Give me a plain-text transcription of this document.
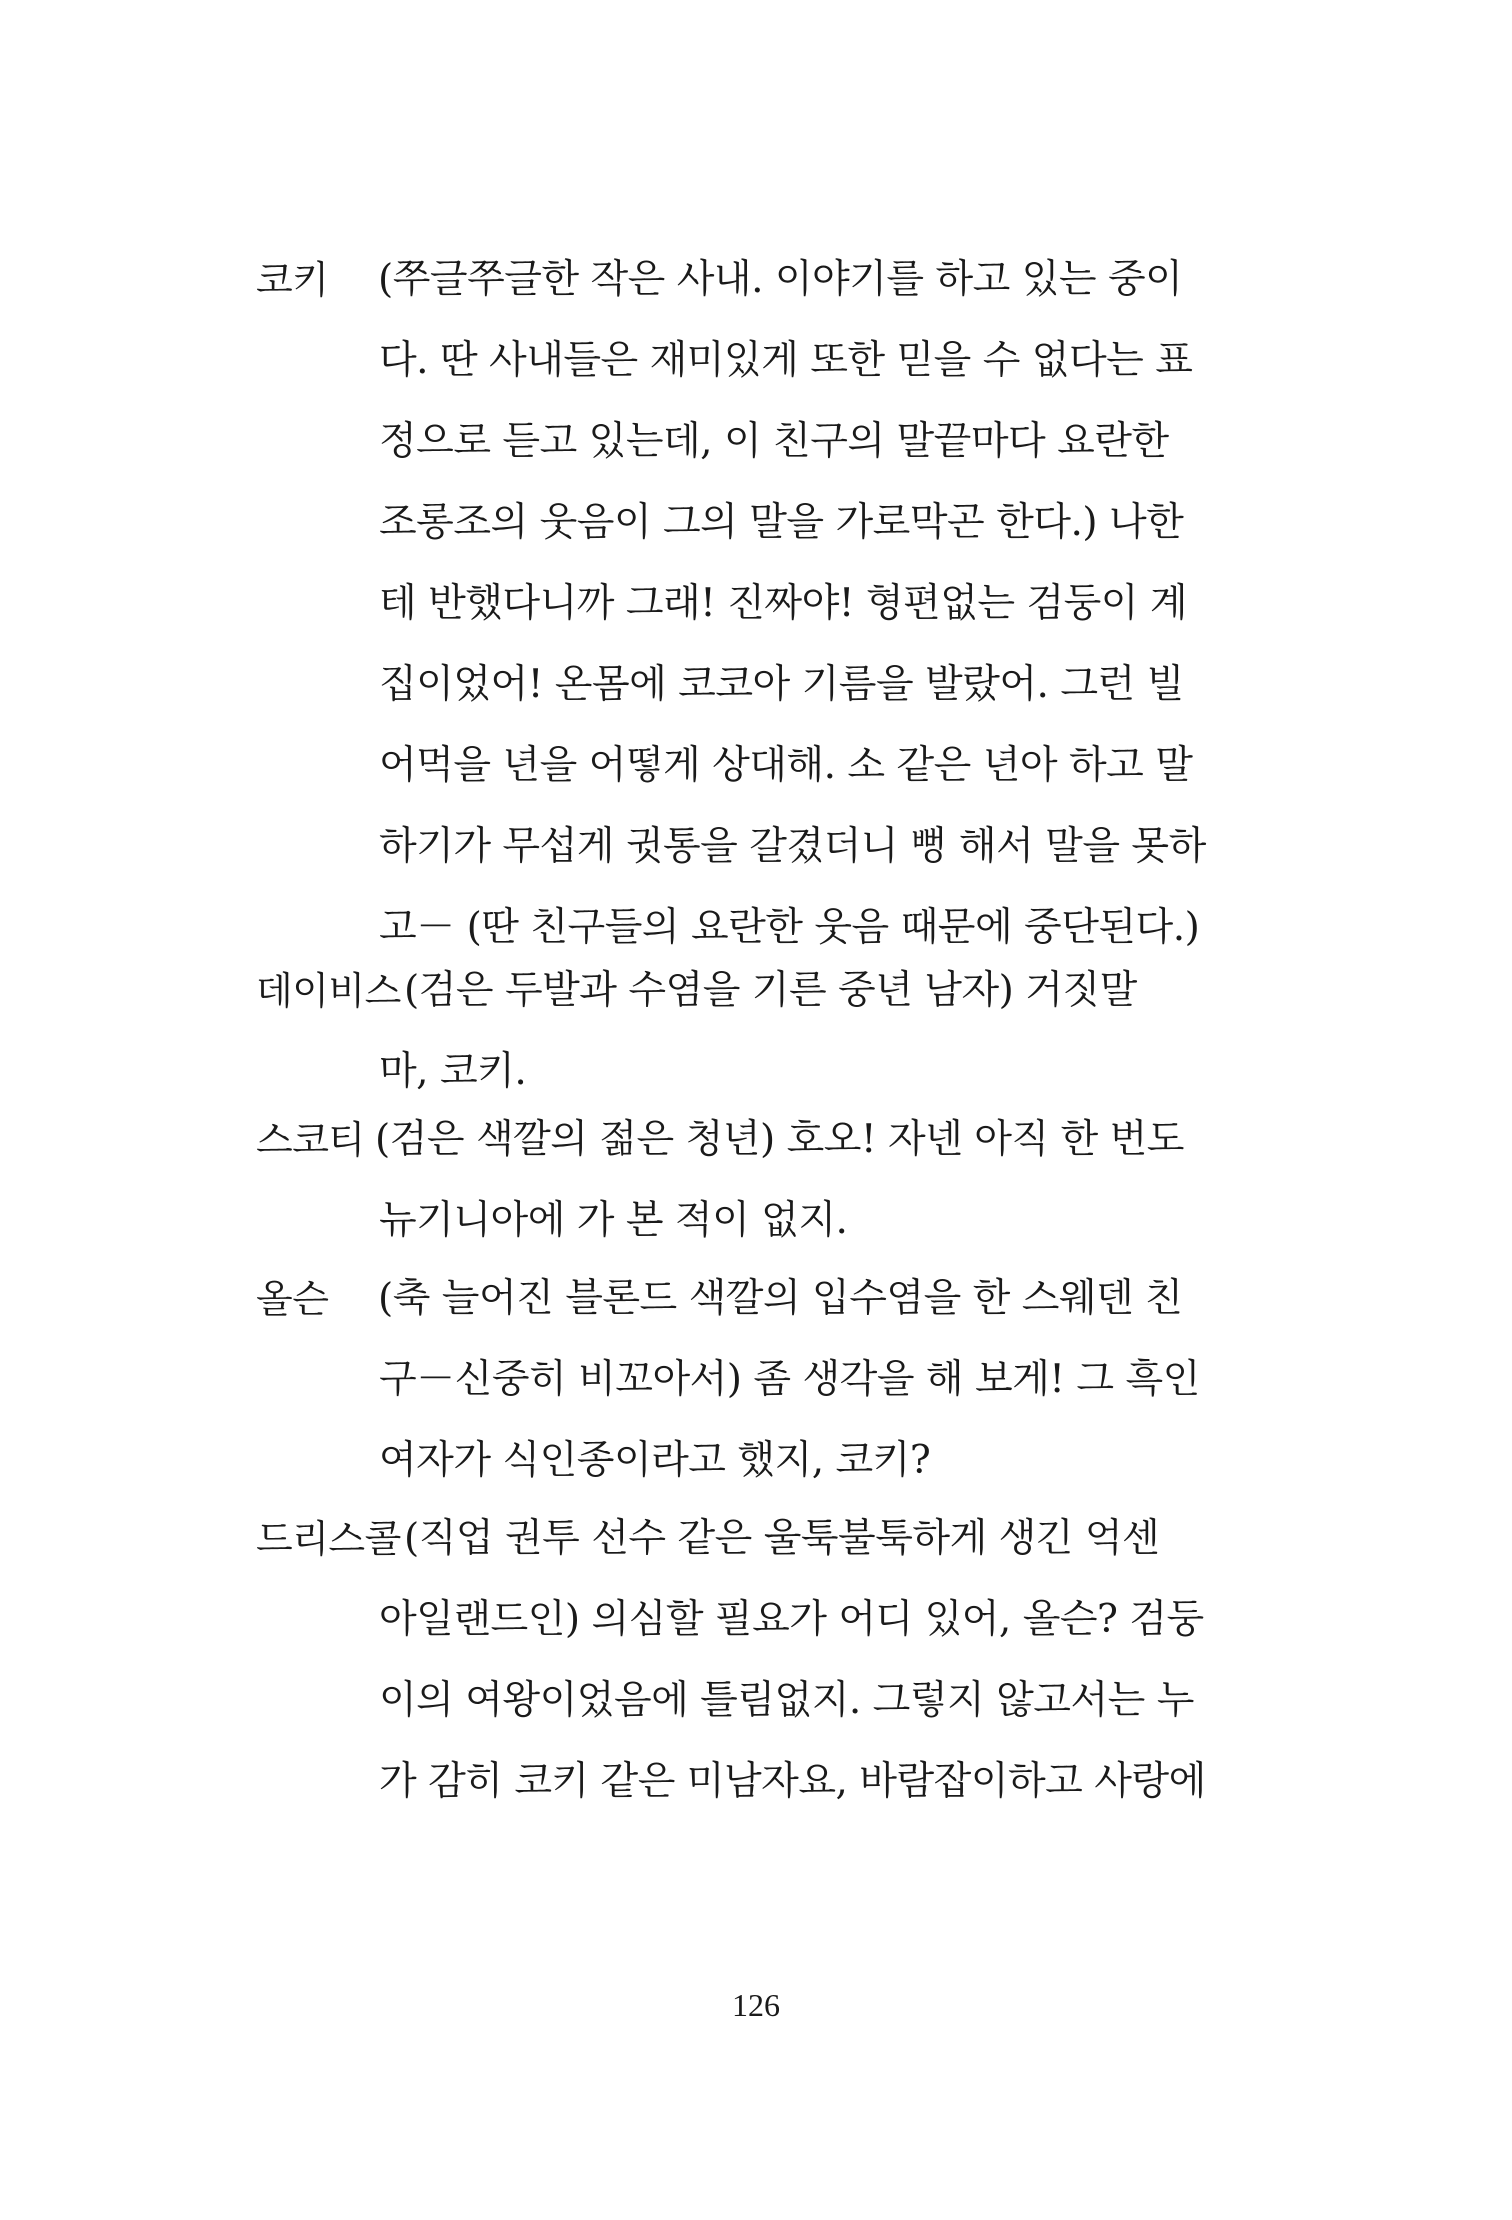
코키 (쭈글쭈글한 작은 사내. 이야기를 하고 있는 중이
다. 딴 사내들은 재미있게 또한 믿을 수 없다는 표
정으로 듣고 있는데, 이 친구의 말끝마다 요란한
조롱조의 웃음이 그의 말을 가로막곤 한다.) 나한
테 반했다니까 그래! 진짜야! 형편없는 검둥이 계
집이었어! 온몸에 코코아 기름을 발랐어. 그런 빌
어먹을 년을 어떻게 상대해. 소 같은 년아 하고 말
하기가 무섭게 귓통을 갈겼더니 뻥 해서 말을 못하
고－ (딴 친구들의 요란한 웃음 때문에 중단된다.)
데이비스 (검은 두발과 수염을 기른 중년 남자) 거짓말
마, 코키.
스코티 (검은 색깔의 젊은 청년) 호오! 자넨 아직 한 번도
뉴기니아에 가 본 적이 없지.
올슨 (축 늘어진 블론드 색깔의 입수염을 한 스웨덴 친
구－신중히 비꼬아서) 좀 생각을 해 보게! 그 흑인
여자가 식인종이라고 했지, 코키?
드리스콜 (직업 권투 선수 같은 울툭불툭하게 생긴 억센
아일랜드인) 의심할 필요가 어디 있어, 올슨? 검둥
이의 여왕이었음에 틀림없지. 그렇지 않고서는 누
가 감히 코키 같은 미남자요, 바람잡이하고 사랑에
126
